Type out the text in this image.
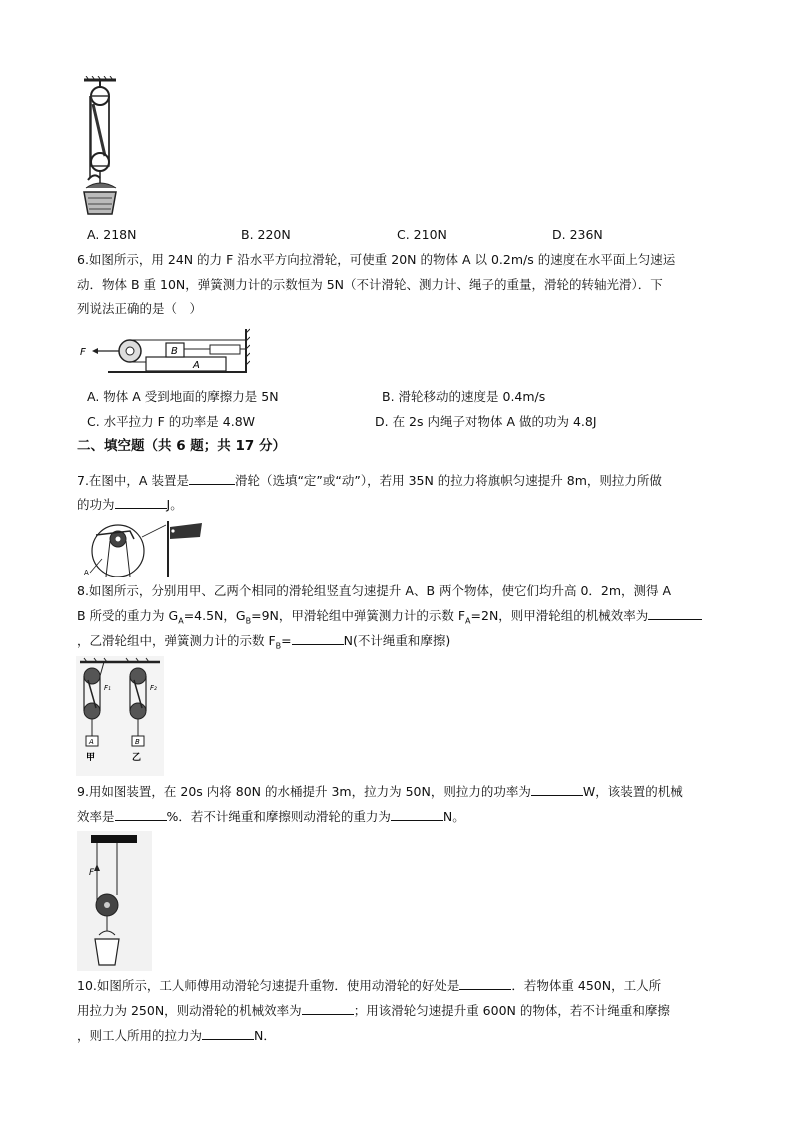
A. 218N	B. 220N	C. 210N	D. 236N
6.如图所示，用 24N 的力 F 沿水平方向拉滑轮，可使重 20N 的物体 A 以 0.2m/s 的速度在水平面上匀速运
动．物体 B 重 10N，弹簧测力计的示数恒为 5N（不计滑轮、测力计、绳子的重量，滑轮的转轴光滑）．下
列说法正确的是（　）
F	B
A
A. 物体 A 受到地面的摩擦力是 5N	B. 滑轮移动的速度是 0.4m/s
C. 水平拉力 F 的功率是 4.8W	D. 在 2s 内绳子对物体 A 做的功为 4.8J
二、填空题（共 6 题；共 17 分）
7.在图中，A 装置是	滑轮（选填“定”或“动”），若用 35N 的拉力将旗帜匀速提升 8m，则拉力所做
的功为	J。
A
8.如图所示，分别用甲、乙两个相同的滑轮组竖直匀速提升 A、B 两个物体，使它们均升高 0．2m，测得 A
B 所受的重力为 $G_A=4.5N$，$G_B=9N$，甲滑轮组中弹簧测力计的示数 $F_A=2N$，则甲滑轮组的机械效率为
，乙滑轮组中，弹簧测力计的示数 $F_B=$	N(不计绳重和摩擦)
F₁
A
甲
F₂
B
乙
9.用如图装置，在 20s 内将 80N 的水桶提升 3m，拉力为 50N，则拉力的功率为	W，该装置的机械
效率是	%．若不计绳重和摩擦则动滑轮的重力为	N。
F
10.如图所示，工人师傅用动滑轮匀速提升重物．使用动滑轮的好处是	．若物体重 450N，工人所
用拉力为 250N，则动滑轮的机械效率为	；用该滑轮匀速提升重 600N 的物体，若不计绳重和摩擦
，则工人所用的拉力为	N．
